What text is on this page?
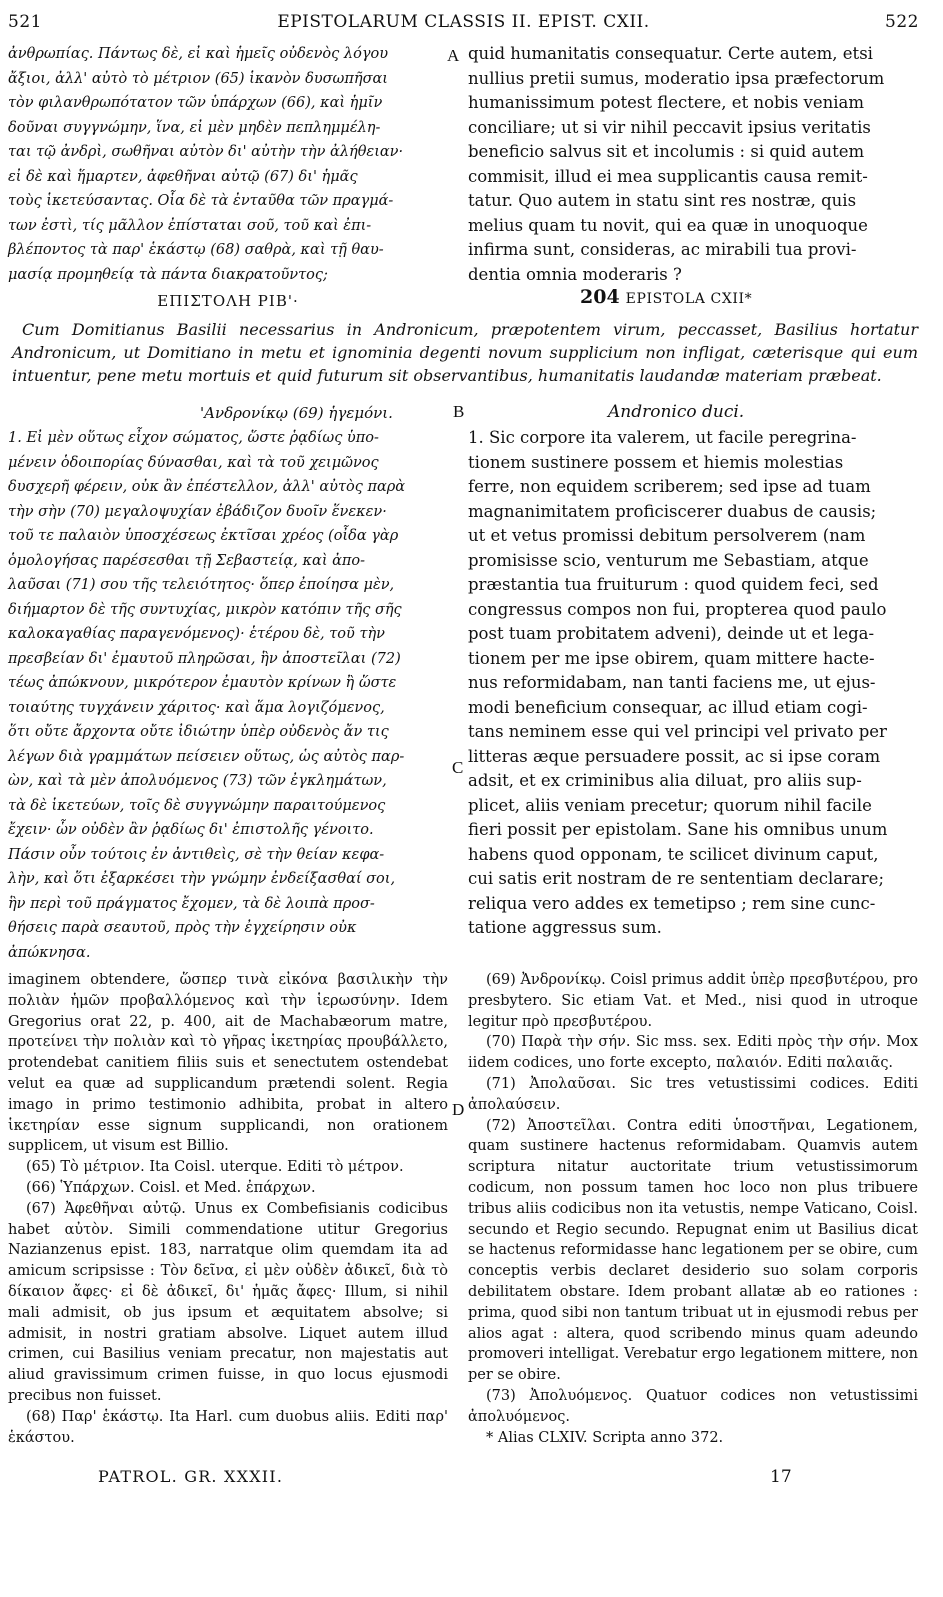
521	EPISTOLARUM CLASSIS II. EPIST. CXII.	522

ἀνθρωπίας. Πάντως δὲ, εἰ καὶ ἡμεῖς οὐδενὸς λόγου

ἄξιοι, ἀλλ' αὐτὸ τὸ μέτριον (65) ἱκανὸν δυσωπῆσαι

τὸν φιλανθρωπότατον τῶν ὑπάρχων (66), καὶ ἡμῖν

δοῦναι συγγνώμην, ἵνα, εἰ μὲν μηδὲν πεπλημμέλη-

ται τῷ ἀνδρὶ, σωθῆναι αὐτὸν δι' αὐτὴν τὴν ἀλήθειαν·

εἰ δὲ καὶ ἥμαρτεν, ἀφεθῆναι αὐτῷ (67) δι' ἡμᾶς

τοὺς ἱκετεύσαντας. Οἷα δὲ τὰ ἐνταῦθα τῶν πραγμά-

των ἐστὶ, τίς μᾶλλον ἐπίσταται σοῦ, τοῦ καὶ ἐπι-

βλέποντος τὰ παρ' ἑκάστῳ (68) σαθρὰ, καὶ τῇ θαυ-

μασίᾳ προμηθείᾳ τὰ πάντα διακρατοῦντος;

A quid humanitatis consequatur. Certe autem, etsi

nullius pretii sumus, moderatio ipsa præfectorum

humanissimum potest flectere, et nobis veniam

conciliare; ut si vir nihil peccavit ipsius veritatis

beneficio salvus sit et incolumis : si quid autem

commisit, illud ei mea supplicantis causa remit-

tatur. Quo autem in statu sint res nostræ, quis

melius quam tu novit, qui ea quæ in unoquoque

infirma sunt, consideras, ac mirabili tua provi-

dentia omnia moderaris ?

ΕΠΙΣΤΟΛΗ ΡΙΒ'·	204 EPISTOLA CXII*
Cum Domitianus Basilii necessarius in Andronicum, præpotentem virum, peccasset, Basilius hortatur Andronicum, ut Domitiano in metu et ignominia degenti novum supplicium non infligat, cæterisque qui eum intuentur, pene metu mortuis et quid futurum sit observantibus, humanitatis laudandæ materiam præbeat.
'Ανδρονίκῳ (69) ἡγεμόνι.	B	Andronico duci.

1. Εἰ μὲν οὕτως εἶχον σώματος, ὥστε ῥᾳδίως ὑπο-

μένειν ὁδοιπορίας δύνασθαι, καὶ τὰ τοῦ χειμῶνος

δυσχερῆ φέρειν, οὐκ ἂν ἐπέστελλον, ἀλλ' αὐτὸς παρὰ

τὴν σὴν (70) μεγαλοψυχίαν ἐβάδιζον δυοῖν ἕνεκεν·

τοῦ τε παλαιὸν ὑποσχέσεως ἐκτῖσαι χρέος (οἶδα γὰρ

ὁμολογήσας παρέσεσθαι τῇ Σεβαστείᾳ, καὶ ἀπο-

λαῦσαι (71) σου τῆς τελειότητος· ὅπερ ἐποίησα μὲν,

διήμαρτον δὲ τῆς συντυχίας, μικρὸν κατόπιν τῆς σῆς

καλοκαγαθίας παραγενόμενος)· ἑτέρου δὲ, τοῦ τὴν

πρεσβείαν δι' ἐμαυτοῦ πληρῶσαι, ἣν ἀποστεῖλαι (72)

τέως ἀπώκνουν, μικρότερον ἐμαυτὸν κρίνων ἢ ὥστε

τοιαύτης τυγχάνειν χάριτος· καὶ ἅμα λογιζόμενος,

ὅτι οὔτε ἄρχοντα οὔτε ἰδιώτην ὑπὲρ οὐδενὸς ἄν τις

λέγων διὰ γραμμάτων πείσειεν οὕτως, ὡς αὐτὸς παρ-

ὼν, καὶ τὰ μὲν ἀπολυόμενος (73) τῶν ἐγκλημάτων,

τὰ δὲ ἱκετεύων, τοῖς δὲ συγγνώμην παραιτούμενος

ἔχειν· ὧν οὐδὲν ἂν ῥᾳδίως δι' ἐπιστολῆς γένοιτο.

Πάσιν οὖν τούτοις ἐν ἀντιθεὶς, σὲ τὴν θείαν κεφα-

λὴν, καὶ ὅτι ἐξαρκέσει τὴν γνώμην ἐνδείξασθαί σοι,

ἣν περὶ τοῦ πράγματος ἔχομεν, τὰ δὲ λοιπὰ προσ-

θήσεις παρὰ σεαυτοῦ, πρὸς τὴν ἐγχείρησιν οὐκ

ἀπώκνησα.

C

1. Sic corpore ita valerem, ut facile peregrina-

tionem sustinere possem et hiemis molestias

ferre, non equidem scriberem; sed ipse ad tuam

magnanimitatem proficiscerer duabus de causis;

ut et vetus promissi debitum persolverem (nam

promisisse scio, venturum me Sebastiam, atque

præstantia tua fruiturum : quod quidem feci, sed

congressus compos non fui, propterea quod paulo

post tuam probitatem adveni), deinde ut et lega-

tionem per me ipse obirem, quam mittere hacte-

nus reformidabam, nan tanti faciens me, ut ejus-

modi beneficium consequar, ac illud etiam cogi-

tans neminem esse qui vel principi vel privato per

litteras æque persuadere possit, ac si ipse coram

adsit, et ex criminibus alia diluat, pro aliis sup-

plicet, aliis veniam precetur; quorum nihil facile

fieri possit per epistolam. Sane his omnibus unum

habens quod opponam, te scilicet divinum caput,

cui satis erit nostram de re sententiam declarare;

reliqua vero addes ex temetipso ; rem sine cunc-

tatione aggressus sum.

imaginem obtendere, ὥσπερ τινὰ εἰκόνα βασιλικὴν τὴν πολιὰν ἡμῶν προβαλλόμενος καὶ τὴν ἱερωσύνην. Idem Gregorius orat 22, p. 400, ait de Machabæorum matre, προτείνει τὴν πολιὰν καὶ τὸ γῆρας ἱκετηρίας προυβάλλετο, protendebat canitiem filiis suis et senectutem ostendebat velut ea quæ ad supplicandum prætendi solent. Regia imago in primo testimonio adhibita, probat in altero ἱκετηρίαν esse signum supplicandi, non orationem supplicem, ut visum est Billio.

(65) Τὸ μέτριον. Ita Coisl. uterque. Editi τὸ μέτρον.

(66) Ὑπάρχων. Coisl. et Med. ἐπάρχων.

(67) Ἀφεθῆναι αὐτῷ. Unus ex Combefisianis codicibus habet αὐτὸν. Simili commendatione utitur Gregorius Nazianzenus epist. 183, narratque olim quemdam ita ad amicum scripsisse : Τὸν δεῖνα, εἰ μὲν οὐδὲν ἀδικεῖ, διὰ τὸ δίκαιον ἄφες· εἰ δὲ ἀδικεῖ, δι' ἡμᾶς ἄφες· Illum, si nihil mali admisit, ob jus ipsum et æquitatem absolve; si admisit, in nostri gratiam absolve. Liquet autem illud crimen, cui Basilius veniam precatur, non majestatis aut aliud gravissimum crimen fuisse, in quo locus ejusmodi precibus non fuisset.

(68) Παρ' ἑκάστῳ. Ita Harl. cum duobus aliis. Editi παρ' ἑκάστου.

D

(69) Ἀνδρονίκῳ. Coisl primus addit ὑπὲρ πρεσβυτέρου, pro presbytero. Sic etiam Vat. et Med., nisi quod in utroque legitur πρὸ πρεσβυτέρου.

(70) Παρὰ τὴν σήν. Sic mss. sex. Editi πρὸς τὴν σήν. Mox iidem codices, uno forte excepto, παλαιόν. Editi παλαιᾶς.

(71) Ἀπολαῦσαι. Sic tres vetustissimi codices. Editi ἀπολαύσειν.

(72) Ἀποστεῖλαι. Contra editi ὑποστῆναι, Legationem, quam sustinere hactenus reformidabam. Quamvis autem scriptura nitatur auctoritate trium vetustissimorum codicum, non possum tamen hoc loco non plus tribuere tribus aliis codicibus non ita vetustis, nempe Vaticano, Coisl. secundo et Regio secundo. Repugnat enim ut Basilius dicat se hactenus reformidasse hanc legationem per se obire, cum conceptis verbis declaret desiderio suo solam corporis debilitatem obstare. Idem probant allatæ ab eo rationes : prima, quod sibi non tantum tribuat ut in ejusmodi rebus per alios agat : altera, quod scribendo minus quam adeundo promoveri intelligat. Verebatur ergo legationem mittere, non per se obire.

(73) Ἀπολυόμενος. Quatuor codices non vetustissimi ἀπολυόμενος.

* Alias CLXIV. Scripta anno 372.

PATROL. GR. XXXII.	17
